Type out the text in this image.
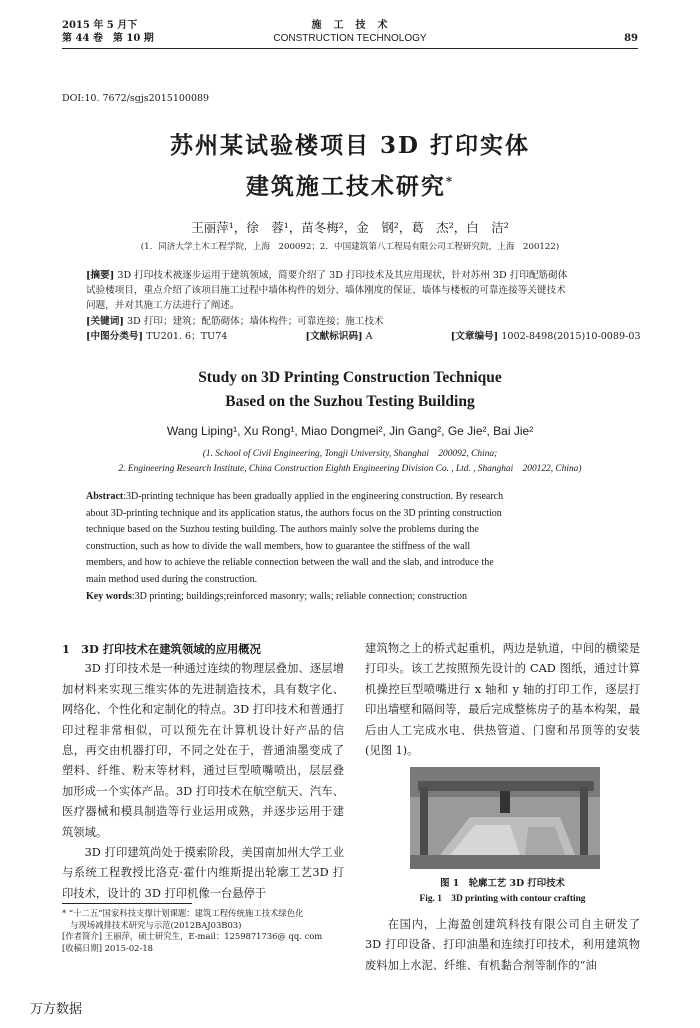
2015 年 5 月下
第 44 卷　第 10 期
施　工　技　术
CONSTRUCTION TECHNOLOGY	89
DOI:10. 7672/sgjs2015100089
苏州某试验楼项目 3D 打印实体
建筑施工技术研究*
王丽萍¹，徐　蓉¹，苗冬梅²，金　钢²，葛　杰²，白　洁²
(1．同济大学土木工程学院，上海　200092；2．中国建筑第八工程局有限公司工程研究院，上海　200122)
[摘要] 3D 打印技术被逐步运用于建筑领域，简要介绍了 3D 打印技术及其应用现状，针对苏州 3D 打印配筋砌体
试验楼项目，重点介绍了该项目施工过程中墙体构件的划分、墙体刚度的保证、墙体与楼板的可靠连接等关键技术
问题，并对其施工方法进行了阐述。
[关键词] 3D 打印；建筑；配筋砌体；墙体构件；可靠连接；施工技术
[中图分类号] TU201. 6；TU74	[文献标识码] A	[文章编号] 1002-8498(2015)10-0089-03
Study on 3D Printing Construction Technique
Based on the Suzhou Testing Building
Wang Liping¹, Xu Rong¹, Miao Dongmei², Jin Gang², Ge Jie², Bai Jie²
(1. School of Civil Engineering, Tongji University, Shanghai　200092, China;
2. Engineering Research Institute, China Construction Eighth Engineering Division Co. , Ltd. , Shanghai　200122, China)
Abstract:3D-printing technique has been gradually applied in the engineering construction. By research
about 3D-printing technique and its application status, the authors focus on the 3D printing construction
technique based on the Suzhou testing building. The authors mainly solve the problems during the
construction, such as how to divide the wall members, how to guarantee the stiffness of the wall
members, and how to achieve the reliable connection between the wall and the slab, and introduce the
main method used during the construction.
Key words:3D printing; buildings;reinforced masonry; walls; reliable connection; construction
1　3D 打印技术在建筑领域的应用概况

3D 打印技术是一种通过连续的物理层叠加、逐层增加材料来实现三维实体的先进制造技术，具有数字化、网络化、个性化和定制化的特点。3D 打印技术和普通打印过程非常相似，可以预先在计算机设计好产品的信息，再交由机器打印，不同之处在于，普通油墨变成了塑料、纤维、粉末等材料，通过巨型喷嘴喷出，层层叠加形成一个实体产品。3D 打印技术在航空航天、汽车、医疗器械和模具制造等行业运用成熟，并逐步运用于建筑领域。

3D 打印建筑尚处于摸索阶段，美国南加州大学工业与系统工程教授比洛克·霍什内维斯提出轮廓工艺3D 打印技术，设计的 3D 打印机像一台悬停于

* “十二五”国家科技支撑计划课题：建筑工程传统施工技术绿色化
与现场减排技术研究与示范(2012BAJ03B03)
[作者简介] 王丽萍，硕士研究生，E-mail：1259871736@ qq. com
[收稿日期] 2015-02-18

建筑物之上的桥式起重机，两边是轨道，中间的横梁是打印头。该工艺按照预先设计的 CAD 图纸，通过计算机操控巨型喷嘴进行 x 轴和 y 轴的打印工作，逐层打印出墙壁和隔间等，最后完成整栋房子的基本构架，最后由人工完成水电、供热管道、门窗和吊顶等的安装(见图 1)。

图 1　轮廓工艺 3D 打印技术
Fig. 1　3D printing with contour crafting

在国内，上海盈创建筑科技有限公司自主研发了 3D 打印设备、打印油墨和连续打印技术，利用建筑物废料加上水泥、纤维、有机黏合剂等制作的“油

万方数据
